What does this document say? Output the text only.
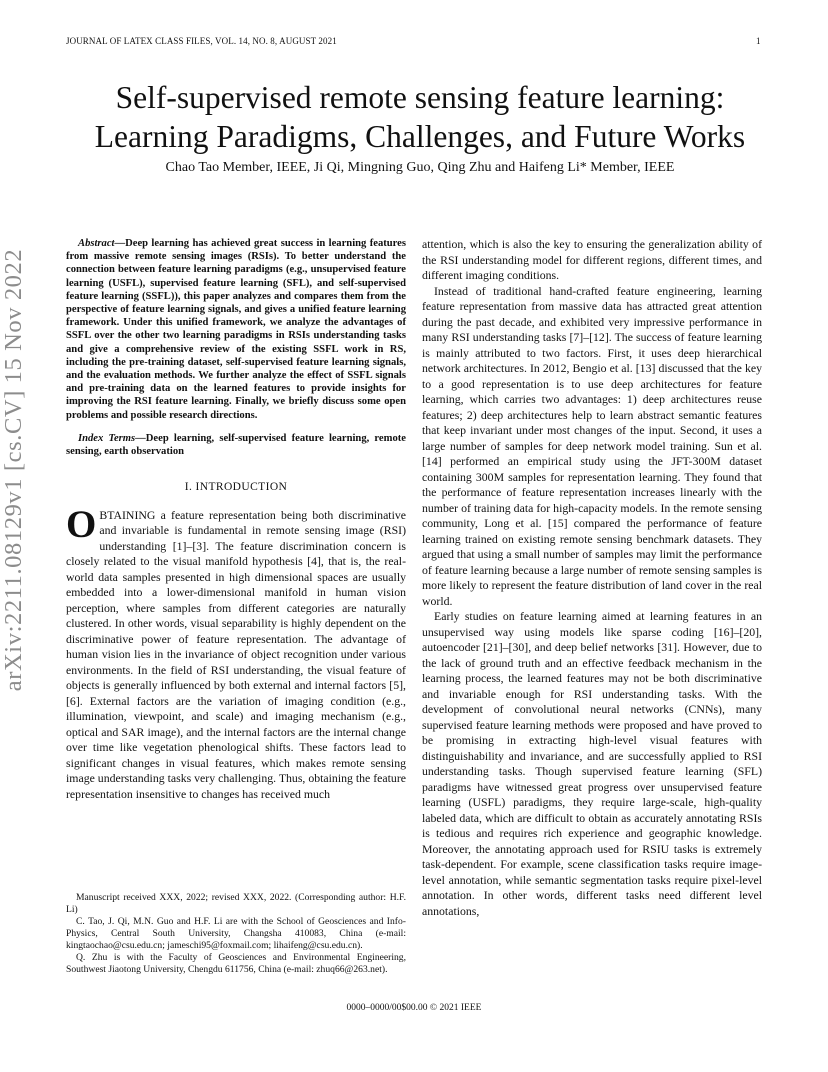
JOURNAL OF LATEX CLASS FILES, VOL. 14, NO. 8, AUGUST 2021	1
Self-supervised remote sensing feature learning:
Learning Paradigms, Challenges, and Future Works
Chao Tao Member, IEEE, Ji Qi, Mingning Guo, Qing Zhu and Haifeng Li* Member, IEEE
arXiv:2211.08129v1 [cs.CV] 15 Nov 2022

Abstract—Deep learning has achieved great success in learning features from massive remote sensing images (RSIs). To better understand the connection between feature learning paradigms (e.g., unsupervised feature learning (USFL), supervised feature learning (SFL), and self-supervised feature learning (SSFL)), this paper analyzes and compares them from the perspective of feature learning signals, and gives a unified feature learning framework. Under this unified framework, we analyze the advantages of SSFL over the other two learning paradigms in RSIs understanding tasks and give a comprehensive review of the existing SSFL work in RS, including the pre-training dataset, self-supervised feature learning signals, and the evaluation methods. We further analyze the effect of SSFL signals and pre-training data on the learned features to provide insights for improving the RSI feature learning. Finally, we briefly discuss some open problems and possible research directions.

Index Terms—Deep learning, self-supervised feature learning, remote sensing, earth observation

I. INTRODUCTION

OBTAINING a feature representation being both discriminative and invariable is fundamental in remote sensing image (RSI) understanding [1]–[3]. The feature discrimination concern is closely related to the visual manifold hypothesis [4], that is, the real-world data samples presented in high dimensional spaces are usually embedded into a lower-dimensional manifold in human vision perception, where samples from different categories are naturally clustered. In other words, visual separability is highly dependent on the discriminative power of feature representation. The advantage of human vision lies in the invariance of object recognition under various environments. In the field of RSI understanding, the visual feature of objects is generally influenced by both external and internal factors [5], [6]. External factors are the variation of imaging condition (e.g., illumination, viewpoint, and scale) and imaging mechanism (e.g., optical and SAR image), and the internal factors are the internal change over time like vegetation phenological shifts. These factors lead to significant changes in visual features, which makes remote sensing image understanding tasks very challenging. Thus, obtaining the feature representation insensitive to changes has received much

attention, which is also the key to ensuring the generalization ability of the RSI understanding model for different regions, different times, and different imaging conditions.

Instead of traditional hand-crafted feature engineering, learning feature representation from massive data has attracted great attention during the past decade, and exhibited very impressive performance in many RSI understanding tasks [7]–[12]. The success of feature learning is mainly attributed to two factors. First, it uses deep hierarchical network architectures. In 2012, Bengio et al. [13] discussed that the key to a good representation is to use deep architectures for feature learning, which carries two advantages: 1) deep architectures reuse features; 2) deep architectures help to learn abstract semantic features that keep invariant under most changes of the input. Second, it uses a large number of samples for deep network model training. Sun et al. [14] performed an empirical study using the JFT-300M dataset containing 300M samples for representation learning. They found that the performance of feature representation increases linearly with the number of training data for high-capacity models. In the remote sensing community, Long et al. [15] compared the performance of feature learning trained on existing remote sensing benchmark datasets. They argued that using a small number of samples may limit the performance of feature learning because a large number of remote sensing samples is more likely to represent the feature distribution of land cover in the real world.

Early studies on feature learning aimed at learning features in an unsupervised way using models like sparse coding [16]–[20], autoencoder [21]–[30], and deep belief networks [31]. However, due to the lack of ground truth and an effective feedback mechanism in the learning process, the learned features may not be both discriminative and invariable enough for RSI understanding tasks. With the development of convolutional neural networks (CNNs), many supervised feature learning methods were proposed and have proved to be promising in extracting high-level visual features with distinguishability and invariance, and are successfully applied to RSI understanding tasks. Though supervised feature learning (SFL) paradigms have witnessed great progress over unsupervised feature learning (USFL) paradigms, they require large-scale, high-quality labeled data, which are difficult to obtain as accurately annotating RSIs is tedious and requires rich experience and geographic knowledge. Moreover, the annotating approach used for RSIU tasks is extremely task-dependent. For example, scene classification tasks require image-level annotation, while semantic segmentation tasks require pixel-level annotation. In other words, different tasks need different level annotations,

Manuscript received XXX, 2022; revised XXX, 2022. (Corresponding author: H.F. Li)

C. Tao, J. Qi, M.N. Guo and H.F. Li are with the School of Geosciences and Info-Physics, Central South University, Changsha 410083, China (e-mail: kingtaochao@csu.edu.cn; jameschi95@foxmail.com; lihaifeng@csu.edu.cn).

Q. Zhu is with the Faculty of Geosciences and Environmental Engineering, Southwest Jiaotong University, Chengdu 611756, China (e-mail: zhuq66@263.net).

0000–0000/00$00.00 © 2021 IEEE
